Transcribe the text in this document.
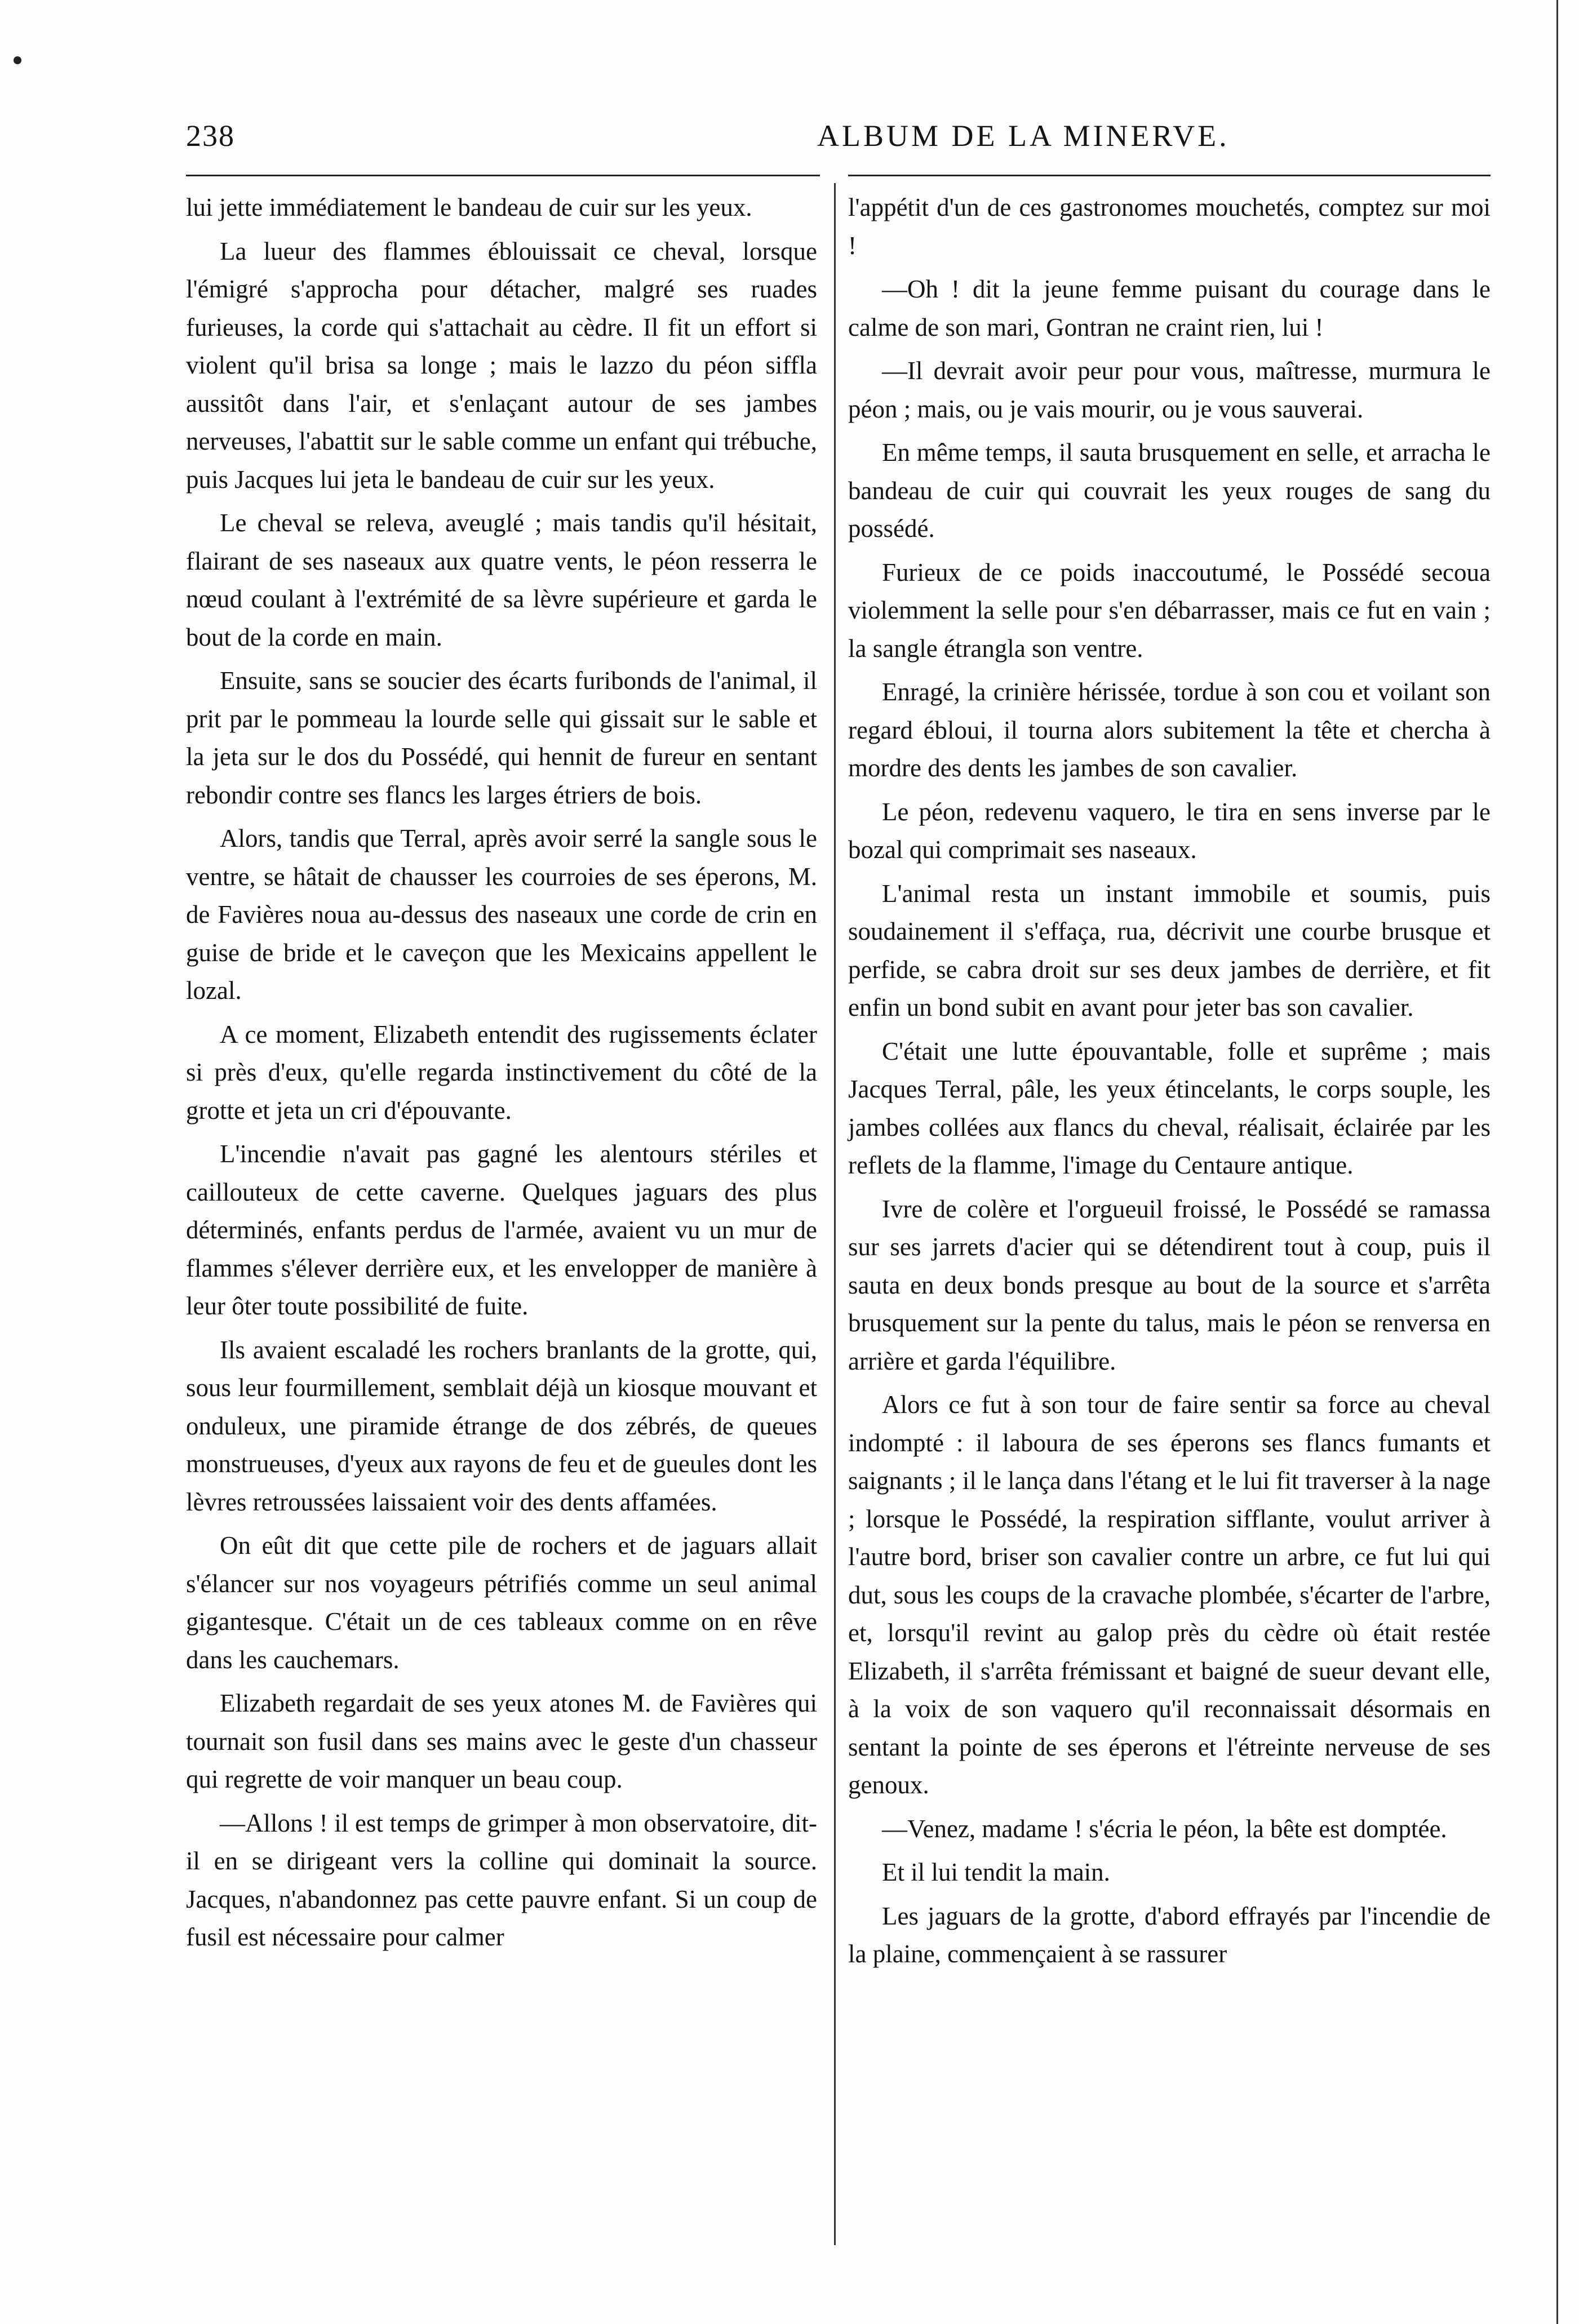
238	ALBUM DE LA MINERVE.

lui jette immédiatement le bandeau de cuir sur les yeux.

La lueur des flammes éblouissait ce cheval, lorsque l'émigré s'approcha pour détacher, malgré ses ruades furieuses, la corde qui s'attachait au cèdre. Il fit un effort si violent qu'il brisa sa longe ; mais le lazzo du péon siffla aussitôt dans l'air, et s'enlaçant autour de ses jambes nerveuses, l'abattit sur le sable comme un enfant qui trébuche, puis Jacques lui jeta le bandeau de cuir sur les yeux.

Le cheval se releva, aveuglé ; mais tandis qu'il hésitait, flairant de ses naseaux aux quatre vents, le péon resserra le nœud coulant à l'extrémité de sa lèvre supérieure et garda le bout de la corde en main.

Ensuite, sans se soucier des écarts furibonds de l'animal, il prit par le pommeau la lourde selle qui gissait sur le sable et la jeta sur le dos du Possédé, qui hennit de fureur en sentant rebondir contre ses flancs les larges étriers de bois.

Alors, tandis que Terral, après avoir serré la sangle sous le ventre, se hâtait de chausser les courroies de ses éperons, M. de Favières noua au-dessus des naseaux une corde de crin en guise de bride et le caveçon que les Mexicains appellent le lozal.

A ce moment, Elizabeth entendit des rugissements éclater si près d'eux, qu'elle regarda instinctivement du côté de la grotte et jeta un cri d'épouvante.

L'incendie n'avait pas gagné les alentours stériles et caillouteux de cette caverne. Quelques jaguars des plus déterminés, enfants perdus de l'armée, avaient vu un mur de flammes s'élever derrière eux, et les envelopper de manière à leur ôter toute possibilité de fuite.

Ils avaient escaladé les rochers branlants de la grotte, qui, sous leur fourmillement, semblait déjà un kiosque mouvant et onduleux, une piramide étrange de dos zébrés, de queues monstrueuses, d'yeux aux rayons de feu et de gueules dont les lèvres retroussées laissaient voir des dents affamées.

On eût dit que cette pile de rochers et de jaguars allait s'élancer sur nos voyageurs pétrifiés comme un seul animal gigantesque. C'était un de ces tableaux comme on en rêve dans les cauchemars.

Elizabeth regardait de ses yeux atones M. de Favières qui tournait son fusil dans ses mains avec le geste d'un chasseur qui regrette de voir manquer un beau coup.

—Allons ! il est temps de grimper à mon observatoire, dit-il en se dirigeant vers la colline qui dominait la source. Jacques, n'abandonnez pas cette pauvre enfant. Si un coup de fusil est nécessaire pour calmer

l'appétit d'un de ces gastronomes mouchetés, comptez sur moi !

—Oh ! dit la jeune femme puisant du courage dans le calme de son mari, Gontran ne craint rien, lui !

—Il devrait avoir peur pour vous, maîtresse, murmura le péon ; mais, ou je vais mourir, ou je vous sauverai.

En même temps, il sauta brusquement en selle, et arracha le bandeau de cuir qui couvrait les yeux rouges de sang du possédé.

Furieux de ce poids inaccoutumé, le Possédé secoua violemment la selle pour s'en débarrasser, mais ce fut en vain ; la sangle étrangla son ventre.

Enragé, la crinière hérissée, tordue à son cou et voilant son regard ébloui, il tourna alors subitement la tête et chercha à mordre des dents les jambes de son cavalier.

Le péon, redevenu vaquero, le tira en sens inverse par le bozal qui comprimait ses naseaux.

L'animal resta un instant immobile et soumis, puis soudainement il s'effaça, rua, décrivit une courbe brusque et perfide, se cabra droit sur ses deux jambes de derrière, et fit enfin un bond subit en avant pour jeter bas son cavalier.

C'était une lutte épouvantable, folle et suprême ; mais Jacques Terral, pâle, les yeux étincelants, le corps souple, les jambes collées aux flancs du cheval, réalisait, éclairée par les reflets de la flamme, l'image du Centaure antique.

Ivre de colère et l'orgueuil froissé, le Possédé se ramassa sur ses jarrets d'acier qui se détendirent tout à coup, puis il sauta en deux bonds presque au bout de la source et s'arrêta brusquement sur la pente du talus, mais le péon se renversa en arrière et garda l'équilibre.

Alors ce fut à son tour de faire sentir sa force au cheval indompté : il laboura de ses éperons ses flancs fumants et saignants ; il le lança dans l'étang et le lui fit traverser à la nage ; lorsque le Possédé, la respiration sifflante, voulut arriver à l'autre bord, briser son cavalier contre un arbre, ce fut lui qui dut, sous les coups de la cravache plombée, s'écarter de l'arbre, et, lorsqu'il revint au galop près du cèdre où était restée Elizabeth, il s'arrêta frémissant et baigné de sueur devant elle, à la voix de son vaquero qu'il reconnaissait désormais en sentant la pointe de ses éperons et l'étreinte nerveuse de ses genoux.

—Venez, madame ! s'écria le péon, la bête est domptée.

Et il lui tendit la main.

Les jaguars de la grotte, d'abord effrayés par l'incendie de la plaine, commençaient à se rassurer
